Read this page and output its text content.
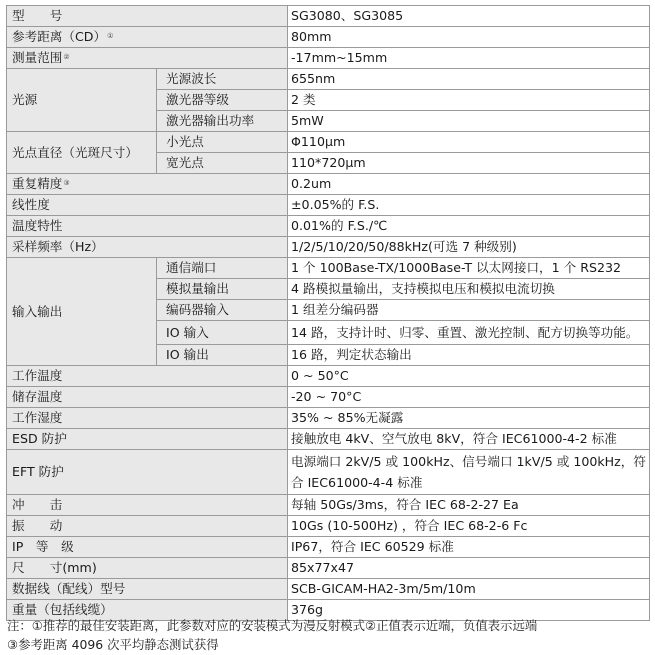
型　　号		SG3080、SG3085
参考距离（CD）①		80mm
测量范围②		-17mm~15mm
光源	光源波长	655nm
	激光器等级	2 类
	激光器输出功率	5mW
光点直径（光斑尺寸）	小光点	Φ110μm
	宽光点	110*720μm
重复精度③		0.2um
线性度		±0.05%的 F.S.
温度特性		0.01%的 F.S./℃
采样频率（Hz）		1/2/5/10/20/50/88kHz(可选 7 种级别)
输入输出	通信端口	1 个 100Base-TX/1000Base-T 以太网接口，1 个 RS232
	模拟量输出	4 路模拟量输出，支持模拟电压和模拟电流切换
	编码器输入	1 组差分编码器
	IO 输入	14 路，支持计时、归零、重置、激光控制、配方切换等功能。
	IO 输出	16 路，判定状态输出
工作温度		0 ~ 50°C
储存温度		-20 ~ 70°C
工作湿度		35% ~ 85%无凝露
ESD 防护		接触放电 4kV、空气放电 8kV，符合 IEC61000-4-2 标准
EFT 防护		电源端口 2kV/5 或 100kHz、信号端口 1kV/5 或 100kHz，符合 IEC61000-4-4 标准
冲　　击		每轴 50Gs/3ms，符合 IEC 68-2-27 Ea
振　　动		10Gs (10-500Hz) ，符合 IEC 68-2-6 Fc
IP　等　级		IP67，符合 IEC 60529 标准
尺　　寸(mm)		85x77x47
数据线（配线）型号		SCB-GICAM-HA2-3m/5m/10m
重量（包括线缆）		376g
注：①推荐的最佳安装距离，此参数对应的安装模式为漫反射模式②正值表示近端，负值表示远端
③参考距离 4096 次平均静态测试获得
